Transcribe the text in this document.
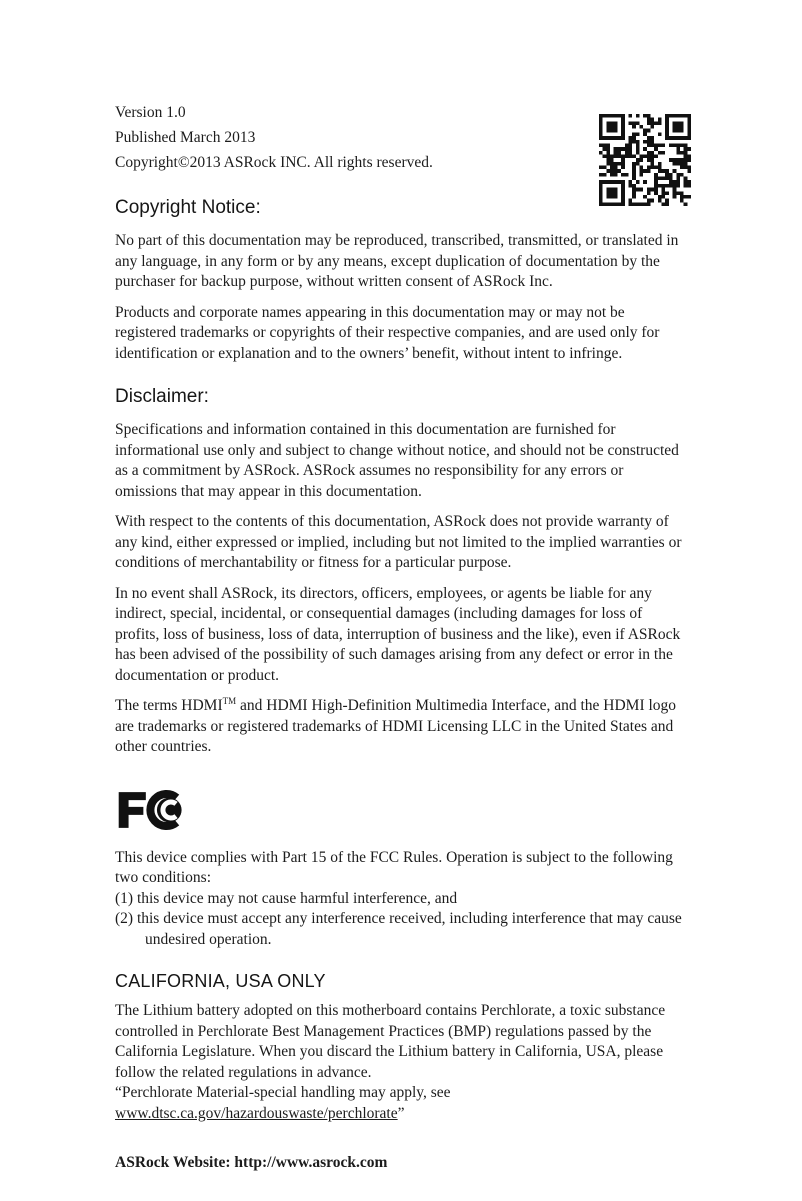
Version 1.0
Published March 2013
Copyright©2013 ASRock INC. All rights reserved.
Copyright Notice:

No part of this documentation may be reproduced, transcribed, transmitted, or translated in any language, in any form or by any means, except duplication of documentation by the purchaser for backup purpose, without written consent of ASRock Inc.

Products and corporate names appearing in this documentation may or may not be registered trademarks or copyrights of their respective companies, and are used only for identification or explanation and to the owners’ benefit, without intent to infringe.

Disclaimer:

Specifications and information contained in this documentation are furnished for informational use only and subject to change without notice, and should not be constructed as a commitment by ASRock. ASRock assumes no responsibility for any errors or omissions that may appear in this documentation.

With respect to the contents of this documentation, ASRock does not provide warranty of any kind, either expressed or implied, including but not limited to the implied warranties or conditions of merchantability or fitness for a particular purpose.

In no event shall ASRock, its directors, officers, employees, or agents be liable for any indirect, special, incidental, or consequential damages (including damages for loss of profits, loss of business, loss of data, interruption of business and the like), even if ASRock has been advised of the possibility of such damages arising from any defect or error in the documentation or product.

The terms HDMI™ and HDMI High-Definition Multimedia Interface, and the HDMI logo are trademarks or registered trademarks of HDMI Licensing LLC in the United States and other countries.

This device complies with Part 15 of the FCC Rules. Operation is subject to the following two conditions:

(1) this device may not cause harmful interference, and

(2) this device must accept any interference received, including interference that may cause undesired operation.

CALIFORNIA, USA ONLY

The Lithium battery adopted on this motherboard contains Perchlorate, a toxic substance controlled in Perchlorate Best Management Practices (BMP) regulations passed by the California Legislature. When you discard the Lithium battery in California, USA, please follow the related regulations in advance.

“Perchlorate Material-special handling may apply, see www.dtsc.ca.gov/hazardouswaste/perchlorate”

ASRock Website: http://www.asrock.com
